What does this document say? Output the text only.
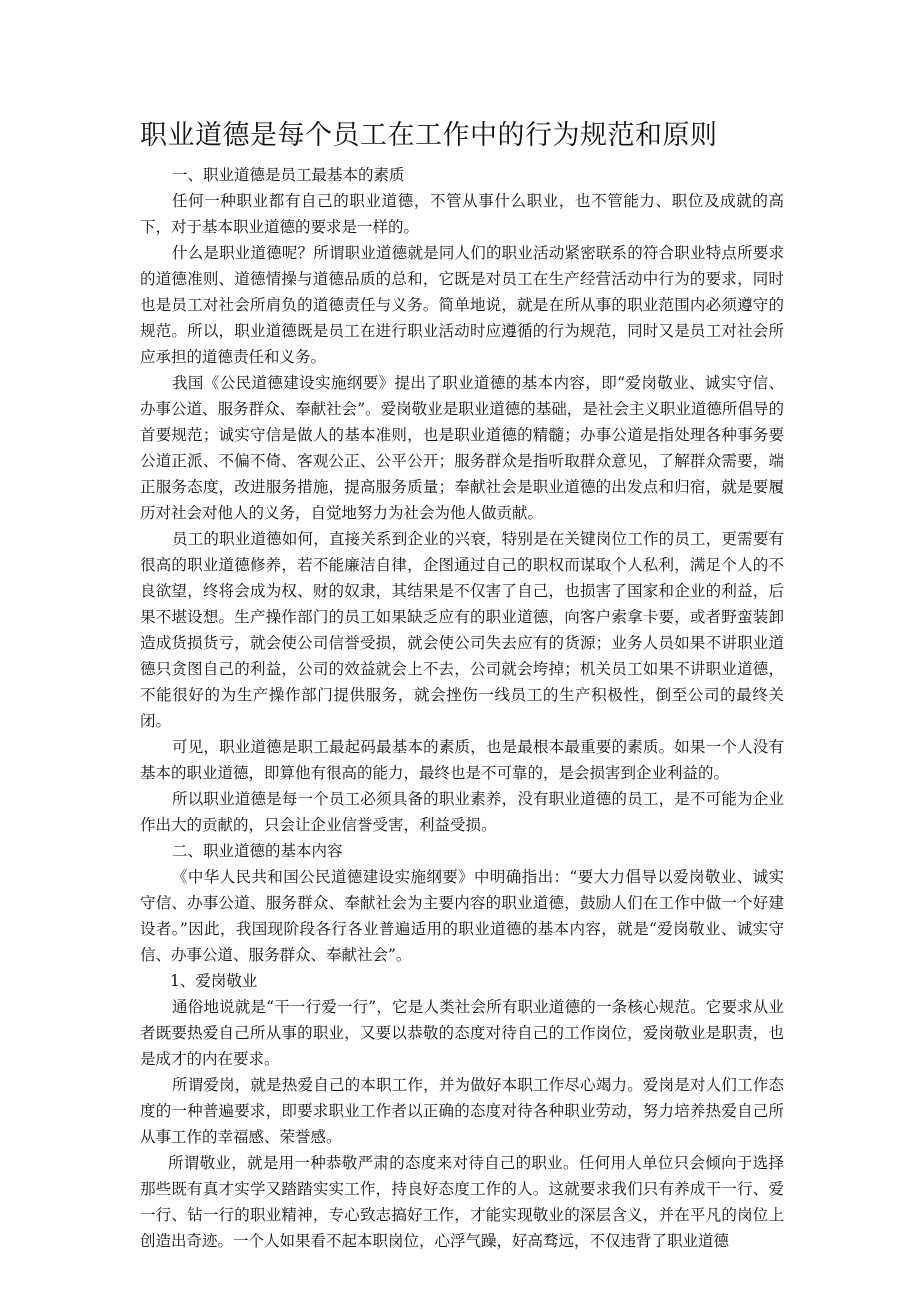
职业道德是每个员工在工作中的行为规范和原则

一、职业道德是员工最基本的素质

任何一种职业都有自己的职业道德，不管从事什么职业，也不管能力、职位及成就的高下，对于基本职业道德的要求是一样的。

什么是职业道德呢？所谓职业道德就是同人们的职业活动紧密联系的符合职业特点所要求的道德准则、道德情操与道德品质的总和，它既是对员工在生产经营活动中行为的要求，同时也是员工对社会所肩负的道德责任与义务。简单地说，就是在所从事的职业范围内必须遵守的规范。所以，职业道德既是员工在进行职业活动时应遵循的行为规范，同时又是员工对社会所应承担的道德责任和义务。

我国《公民道德建设实施纲要》提出了职业道德的基本内容，即“爱岗敬业、诚实守信、办事公道、服务群众、奉献社会”。爱岗敬业是职业道德的基础，是社会主义职业道德所倡导的首要规范；诚实守信是做人的基本准则，也是职业道德的精髓；办事公道是指处理各种事务要公道正派、不偏不倚、客观公正、公平公开；服务群众是指听取群众意见，了解群众需要，端正服务态度，改进服务措施，提高服务质量；奉献社会是职业道德的出发点和归宿，就是要履历对社会对他人的义务，自觉地努力为社会为他人做贡献。

员工的职业道德如何，直接关系到企业的兴衰，特别是在关键岗位工作的员工，更需要有很高的职业道德修养，若不能廉洁自律，企图通过自己的职权而谋取个人私利，满足个人的不良欲望，终将会成为权、财的奴隶，其结果是不仅害了自己，也损害了国家和企业的利益，后果不堪设想。生产操作部门的员工如果缺乏应有的职业道德，向客户索拿卡要，或者野蛮装卸造成货损货亏，就会使公司信誉受损，就会使公司失去应有的货源；业务人员如果不讲职业道德只贪图自己的利益，公司的效益就会上不去，公司就会垮掉；机关员工如果不讲职业道德，不能很好的为生产操作部门提供服务，就会挫伤一线员工的生产积极性，倒至公司的最终关闭。

可见，职业道德是职工最起码最基本的素质，也是最根本最重要的素质。如果一个人没有基本的职业道德，即算他有很高的能力，最终也是不可靠的，是会损害到企业利益的。

所以职业道德是每一个员工必须具备的职业素养，没有职业道德的员工，是不可能为企业作出大的贡献的，只会让企业信誉受害，利益受损。

二、职业道德的基本内容

《中华人民共和国公民道德建设实施纲要》中明确指出：“要大力倡导以爱岗敬业、诚实守信、办事公道、服务群众、奉献社会为主要内容的职业道德，鼓励人们在工作中做一个好建设者。”因此，我国现阶段各行各业普遍适用的职业道德的基本内容，就是“爱岗敬业、诚实守信、办事公道、服务群众、奉献社会”。

1、爱岗敬业

通俗地说就是“干一行爱一行”，它是人类社会所有职业道德的一条核心规范。它要求从业者既要热爱自己所从事的职业，又要以恭敬的态度对待自己的工作岗位，爱岗敬业是职责，也是成才的内在要求。

所谓爱岗，就是热爱自己的本职工作，并为做好本职工作尽心竭力。爱岗是对人们工作态度的一种普遍要求，即要求职业工作者以正确的态度对待各种职业劳动，努力培养热爱自己所从事工作的幸福感、荣誉感。

所谓敬业，就是用一种恭敬严肃的态度来对待自己的职业。任何用人单位只会倾向于选择那些既有真才实学又踏踏实实工作，持良好态度工作的人。这就要求我们只有养成干一行、爱一行、钻一行的职业精神，专心致志搞好工作，才能实现敬业的深层含义，并在平凡的岗位上创造出奇迹。一个人如果看不起本职岗位，心浮气躁，好高骛远，不仅违背了职业道德
